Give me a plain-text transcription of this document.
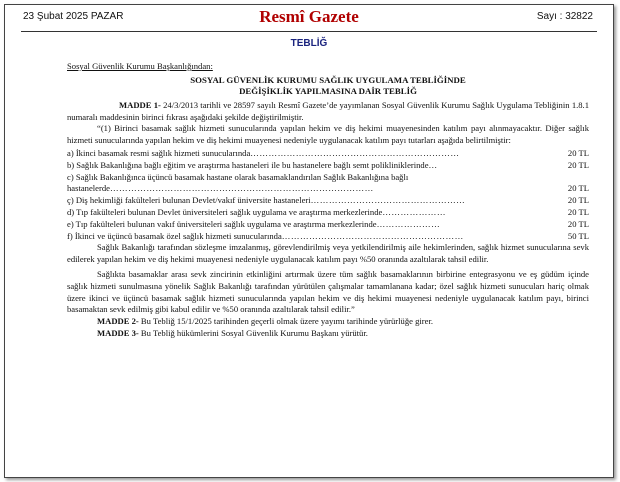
23 Şubat 2025 PAZAR	Resmî Gazete	Sayı : 32822
TEBLİĞ
Sosyal Güvenlik Kurumu Başkanlığından:
SOSYAL GÜVENLİK KURUMU SAĞLIK UYGULAMA TEBLİĞİNDE
DEĞİŞİKLİK YAPILMASINA DAİR TEBLİĞ

MADDE 1- 24/3/2013 tarihli ve 28597 sayılı Resmî Gazete’de yayımlanan Sosyal Güvenlik Kurumu Sağlık Uygulama Tebliğinin 1.8.1 numaralı maddesinin birinci fıkrası aşağıdaki şekilde değiştirilmiştir.

“(1) Birinci basamak sağlık hizmeti sunucularında yapılan hekim ve diş hekimi muayenesinden katılım payı alınmayacaktır. Diğer sağlık hizmeti sunucularında yapılan hekim ve diş hekimi muayenesi nedeniyle uygulanacak katılım payı tutarları aşağıda belirtilmiştir:

a) İkinci basamak resmi sağlık hizmeti sunucularında……………………………………………………………	20 TL
b) Sağlık Bakanlığına bağlı eğitim ve araştırma hastaneleri ile bu hastanelere bağlı semt polikliniklerinde…	20 TL
c) Sağlık Bakanlığınca üçüncü basamak hastane olarak basamaklandırılan Sağlık Bakanlığına bağlı hastanelerde……………………………………………………………………………	20 TL
ç) Diş hekimliği fakülteleri bulunan Devlet/vakıf üniversite hastaneleri……………………………………………	20 TL
d) Tıp fakülteleri bulunan Devlet üniversiteleri sağlık uygulama ve araştırma merkezlerinde…………………	20 TL
e) Tıp fakülteleri bulunan vakıf üniversiteleri sağlık uygulama ve araştırma merkezlerinde…………………	20 TL
f) İkinci ve üçüncü basamak özel sağlık hizmeti sunucularında……………………………………………………	50 TL

Sağlık Bakanlığı tarafından sözleşme imzalanmış, görevlendirilmiş veya yetkilendirilmiş aile hekimlerinden, sağlık hizmet sunucularına sevk edilerek yapılan hekim ve diş hekimi muayenesi nedeniyle uygulanacak katılım payı %50 oranında azaltılarak tahsil edilir.

Sağlıkta basamaklar arası sevk zincirinin etkinliğini artırmak üzere tüm sağlık basamaklarının birbirine entegrasyonu ve eş güdüm içinde sağlık hizmeti sunulmasına yönelik Sağlık Bakanlığı tarafından yürütülen çalışmalar tamamlanana kadar; özel sağlık hizmeti sunucuları hariç olmak üzere ikinci ve üçüncü basamak sağlık hizmeti sunucularında yapılan hekim ve diş hekimi muayenesi nedeniyle uygulanacak katılım payı, birinci basamaktan sevk edilmiş gibi kabul edilir ve %50 oranında azaltılarak tahsil edilir.”

MADDE 2- Bu Tebliğ 15/1/2025 tarihinden geçerli olmak üzere yayımı tarihinde yürürlüğe girer.

MADDE 3- Bu Tebliğ hükümlerini Sosyal Güvenlik Kurumu Başkanı yürütür.
